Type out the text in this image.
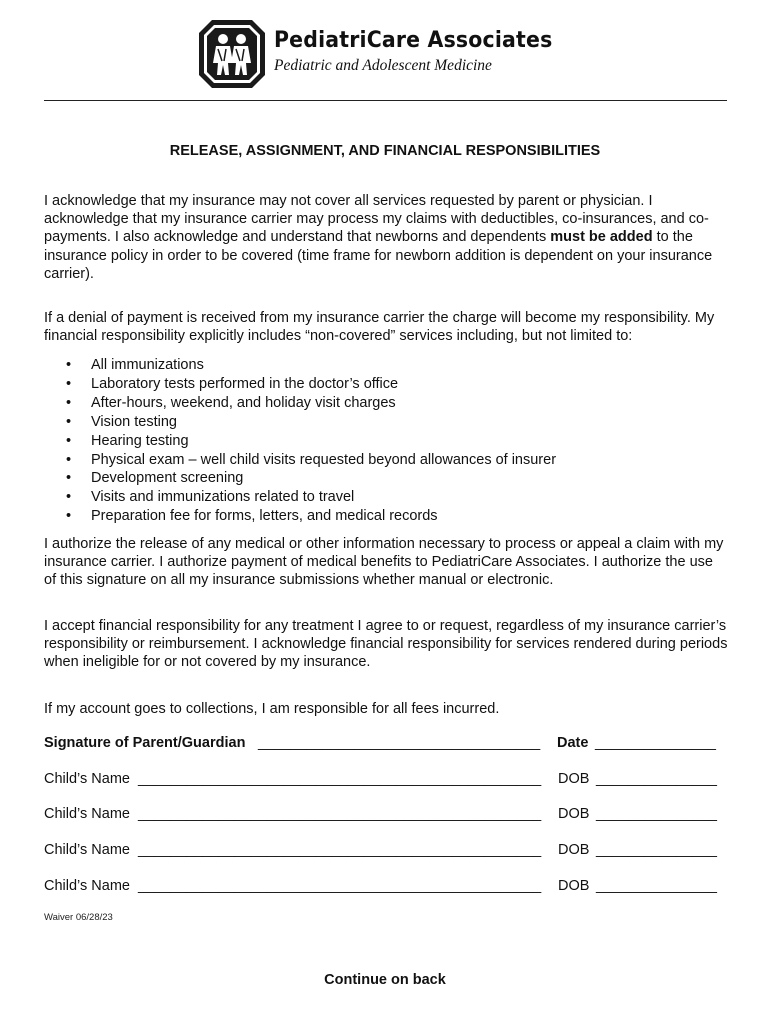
PediatriCare Associates
Pediatric and Adolescent Medicine
RELEASE, ASSIGNMENT, AND FINANCIAL RESPONSIBILITIES
I acknowledge that my insurance may not cover all services requested by parent or physician. I acknowledge that my insurance carrier may process my claims with deductibles, co-insurances, and co-payments. I also acknowledge and understand that newborns and dependents must be added to the insurance policy in order to be covered (time frame for newborn addition is dependent on your insurance carrier).
If a denial of payment is received from my insurance carrier the charge will become my responsibility. My financial responsibility explicitly includes “non-covered” services including, but not limited to:
• All immunizations
• Laboratory tests performed in the doctor’s office
• After-hours, weekend, and holiday visit charges
• Vision testing
• Hearing testing
• Physical exam – well child visits requested beyond allowances of insurer
• Development screening
• Visits and immunizations related to travel
• Preparation fee for forms, letters, and medical records
I authorize the release of any medical or other information necessary to process or appeal a claim with my insurance carrier. I authorize payment of medical benefits to PediatriCare Associates. I authorize the use of this signature on all my insurance submissions whether manual or electronic.
I accept financial responsibility for any treatment I agree to or request, regardless of my insurance carrier’s responsibility or reimbursement. I acknowledge financial responsibility for services rendered during periods when ineligible for or not covered by my insurance.
If my account goes to collections, I am responsible for all fees incurred.
Signature of Parent/Guardian ___________________________________ Date _______________
Child’s Name __________________________________________________ DOB _______________
Child’s Name __________________________________________________ DOB _______________
Child’s Name __________________________________________________ DOB _______________
Child’s Name __________________________________________________ DOB _______________
Waiver 06/28/23
Continue on back
